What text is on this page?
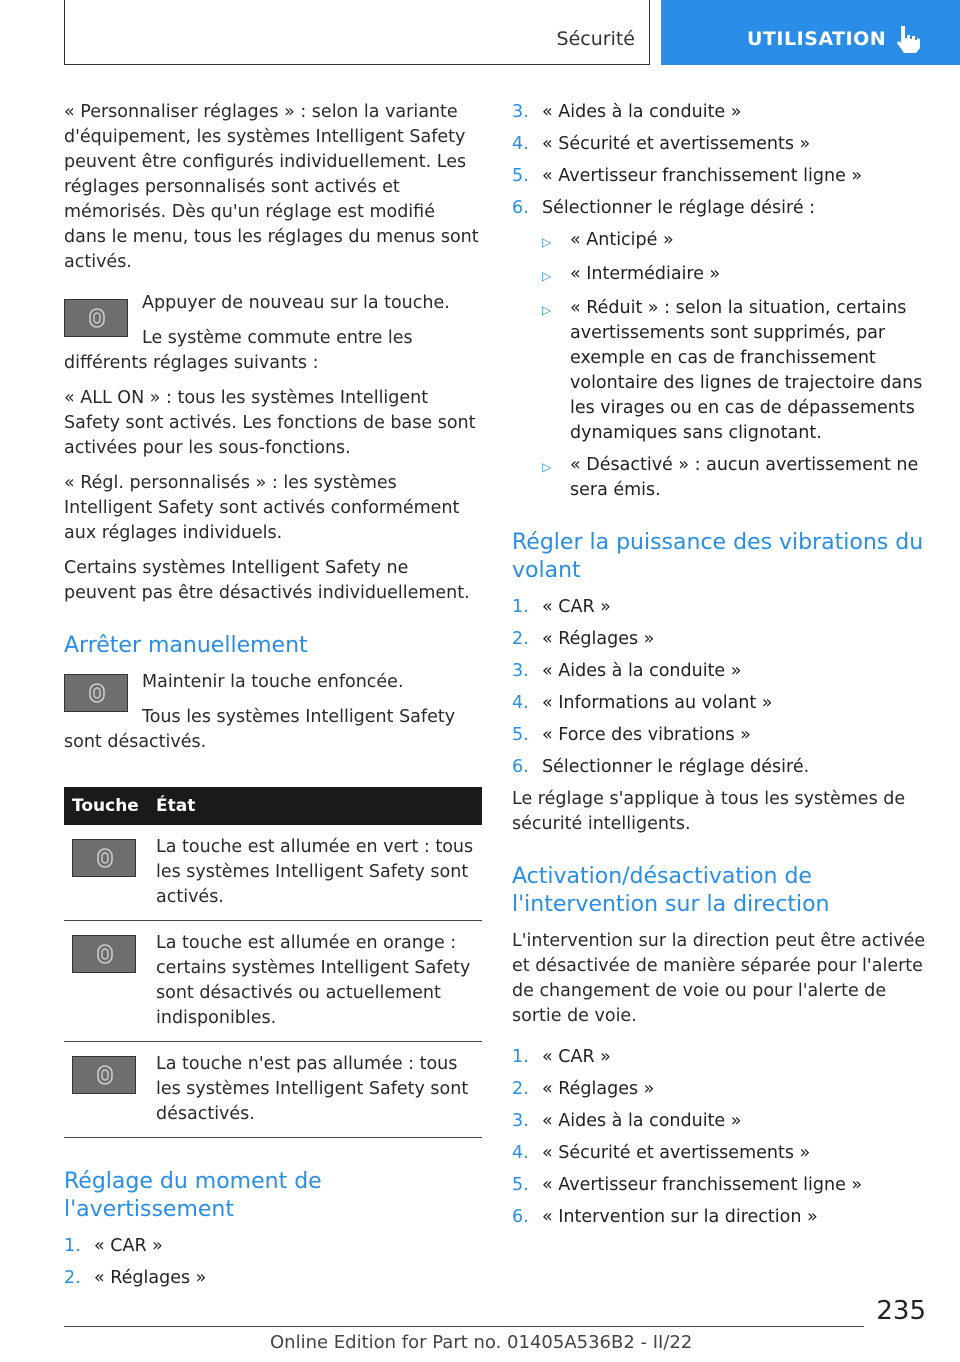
Sécurité	UTILISATION

« Personnaliser réglages » : selon la variante d'équipement, les systèmes Intelligent Safety peuvent être configurés individuellement. Les réglages personnalisés sont activés et mémorisés. Dès qu'un réglage est modifié dans le menu, tous les réglages du menus sont activés.

Appuyer de nouveau sur la touche.

Le système commute entre les différents réglages suivants :

« ALL ON » : tous les systèmes Intelligent Safety sont activés. Les fonctions de base sont activées pour les sous-fonctions.

« Régl. personnalisés » : les systèmes Intelligent Safety sont activés conformément aux réglages individuels.

Certains systèmes Intelligent Safety ne peuvent pas être désactivés individuellement.

Arrêter manuellement

Maintenir la touche enfoncée.

Tous les systèmes Intelligent Safety sont désactivés.

Touche	État

	La touche est allumée en vert : tous les systèmes Intelligent Safety sont activés.

	La touche est allumée en orange : certains systèmes Intelligent Safety sont désactivés ou actuellement indisponibles.

	La touche n'est pas allumée : tous les systèmes Intelligent Safety sont désactivés.
Réglage du moment de l'avertissement
1. « CAR »
2. « Réglages »
3. « Aides à la conduite »
4. « Sécurité et avertissements »
5. « Avertisseur franchissement ligne »
6. Sélectionner le réglage désiré :
▷	« Anticipé »
▷	« Intermédiaire »
▷	« Réduit » : selon la situation, certains avertissements sont supprimés, par exemple en cas de franchissement volontaire des lignes de trajectoire dans les virages ou en cas de dépassements dynamiques sans clignotant.
▷	« Désactivé » : aucun avertissement ne sera émis.
Régler la puissance des vibrations du volant
1. « CAR »
2. « Réglages »
3. « Aides à la conduite »
4. « Informations au volant »
5. « Force des vibrations »
6. Sélectionner le réglage désiré.

Le réglage s'applique à tous les systèmes de sécurité intelligents.

Activation/désactivation de l'intervention sur la direction

L'intervention sur la direction peut être activée et désactivée de manière séparée pour l'alerte de changement de voie ou pour l'alerte de sortie de voie.

1. « CAR »
2. « Réglages »
3. « Aides à la conduite »
4. « Sécurité et avertissements »
5. « Avertisseur franchissement ligne »
6. « Intervention sur la direction »
235
Online Edition for Part no. 01405A536B2 - II/22
